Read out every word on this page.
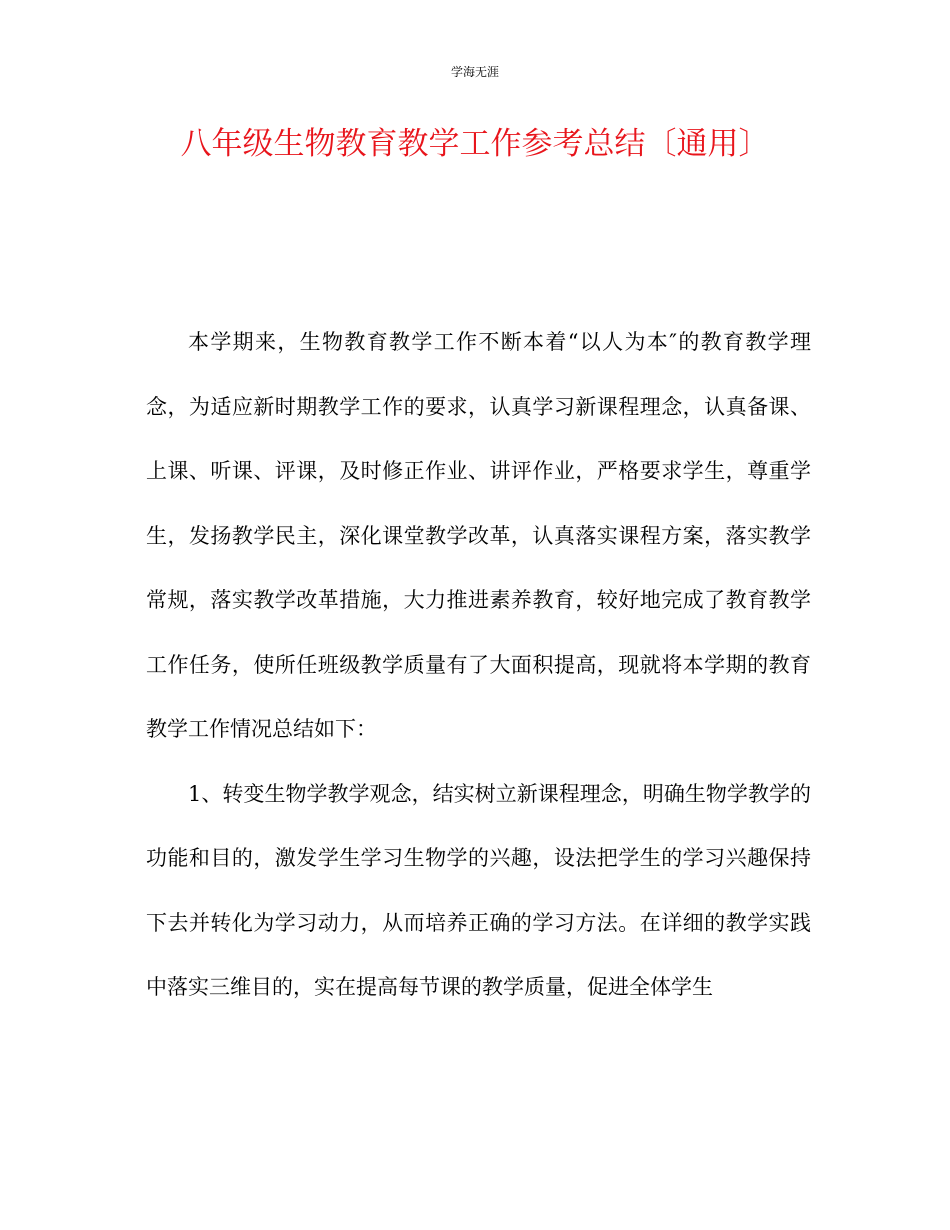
学海无涯
八年级生物教育教学工作参考总结〔通用〕

本学期来，生物教育教学工作不断本着“以人为本″的教育教学理念，为适应新时期教学工作的要求，认真学习新课程理念，认真备课、上课、听课、评课，及时修正作业、讲评作业，严格要求学生，尊重学生，发扬教学民主，深化课堂教学改革，认真落实课程方案，落实教学常规，落实教学改革措施，大力推进素养教育，较好地完成了教育教学工作任务，使所任班级教学质量有了大面积提高，现就将本学期的教育教学工作情况总结如下：

1、转变生物学教学观念，结实树立新课程理念，明确生物学教学的功能和目的，激发学生学习生物学的兴趣，设法把学生的学习兴趣保持下去并转化为学习动力，从而培养正确的学习方法。在详细的教学实践中落实三维目的，实在提高每节课的教学质量，促进全体学生
